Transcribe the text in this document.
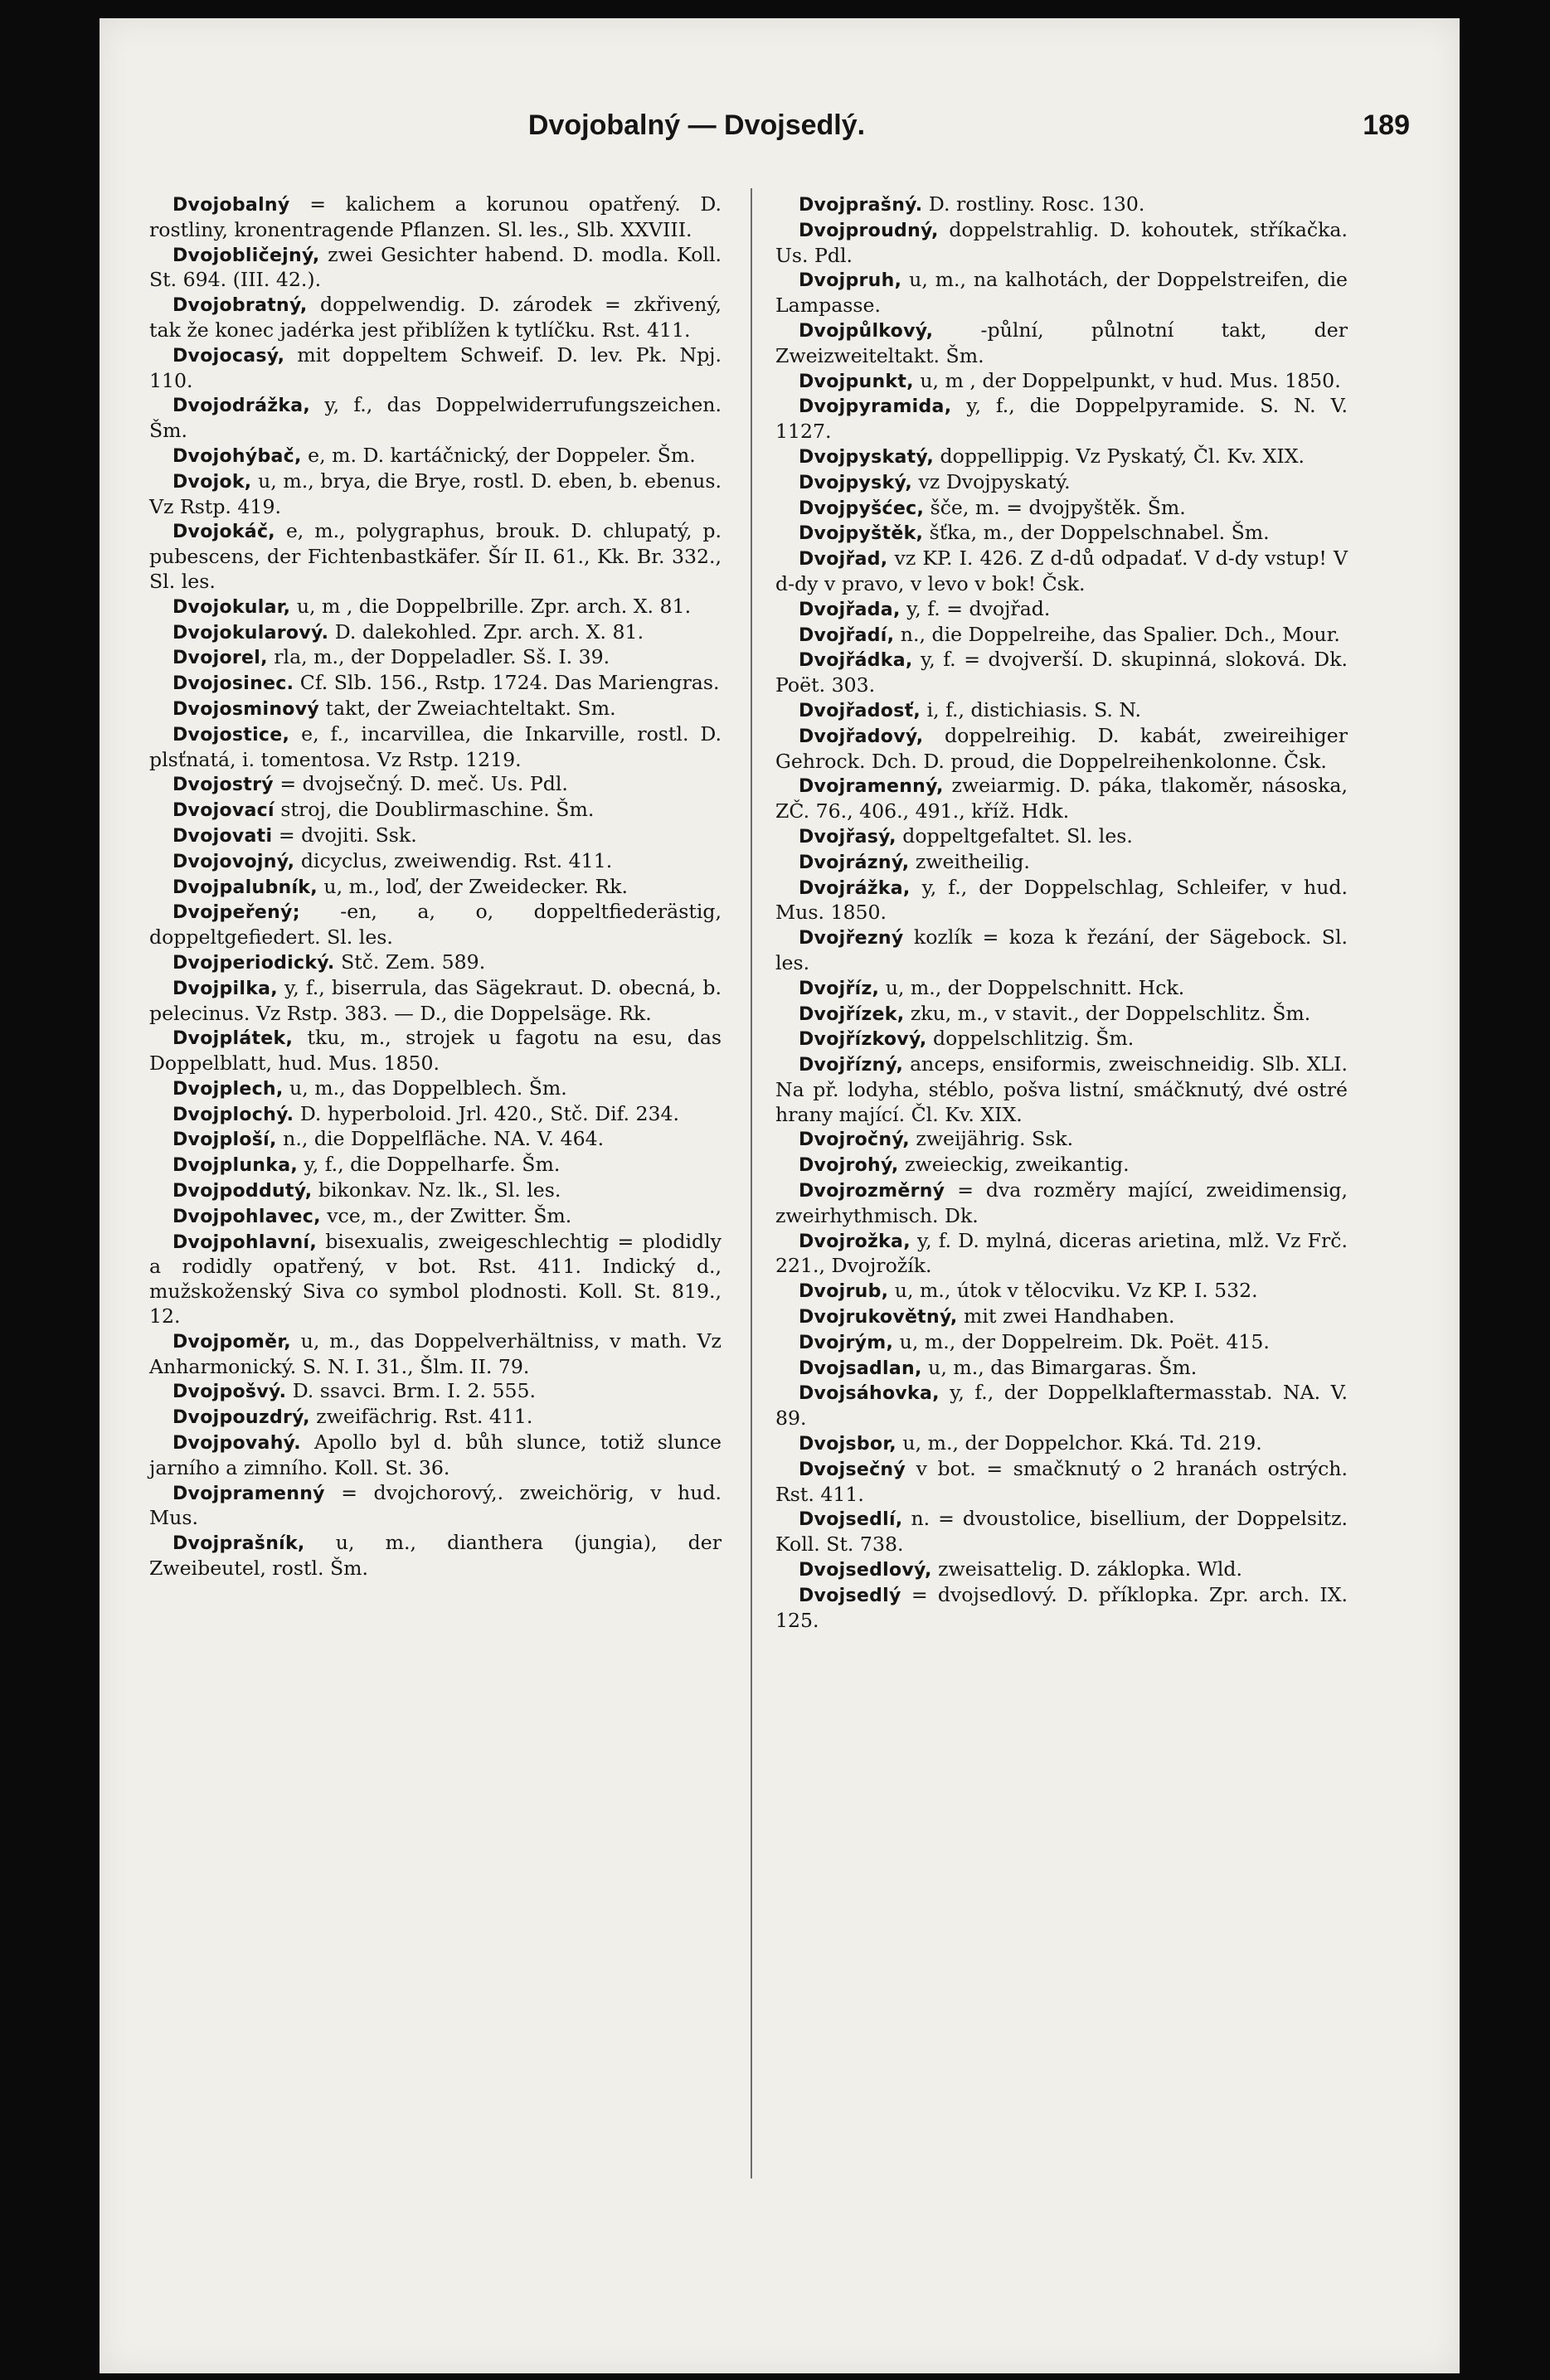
Dvojobalný — Dvojsedlý.	189

Dvojobalný = kalichem a korunou opatřený. D. rostliny, kronentragende Pflanzen. Sl. les., Slb. XXVIII.

Dvojobličejný, zwei Gesichter habend. D. modla. Koll. St. 694. (III. 42.).

Dvojobratný, doppelwendig. D. zárodek = zkřivený, tak že konec jadérka jest přiblížen k tytlíčku. Rst. 411.

Dvojocasý, mit doppeltem Schweif. D. lev. Pk. Npj. 110.

Dvojodrážka, y, f., das Doppelwiderrufungszeichen. Šm.

Dvojohýbač, e, m. D. kartáčnický, der Doppeler. Šm.

Dvojok, u, m., brya, die Brye, rostl. D. eben, b. ebenus. Vz Rstp. 419.

Dvojokáč, e, m., polygraphus, brouk. D. chlupatý, p. pubescens, der Fichtenbastkäfer. Šír II. 61., Kk. Br. 332., Sl. les.

Dvojokular, u, m , die Doppelbrille. Zpr. arch. X. 81.

Dvojokularový. D. dalekohled. Zpr. arch. X. 81.

Dvojorel, rla, m., der Doppeladler. Sš. I. 39.

Dvojosinec. Cf. Slb. 156., Rstp. 1724. Das Mariengras.

Dvojosminový takt, der Zweiachteltakt. Sm.

Dvojostice, e, f., incarvillea, die Inkarville, rostl. D. plsťnatá, i. tomentosa. Vz Rstp. 1219.

Dvojostrý = dvojsečný. D. meč. Us. Pdl.

Dvojovací stroj, die Doublirmaschine. Šm.

Dvojovati = dvojiti. Ssk.

Dvojovojný, dicyclus, zweiwendig. Rst. 411.

Dvojpalubník, u, m., loď, der Zweidecker. Rk.

Dvojpeřený; -en, a, o, doppeltfiederästig, doppeltgefiedert. Sl. les.

Dvojperiodický. Stč. Zem. 589.

Dvojpilka, y, f., biserrula, das Sägekraut. D. obecná, b. pelecinus. Vz Rstp. 383. — D., die Doppelsäge. Rk.

Dvojplátek, tku, m., strojek u fagotu na esu, das Doppelblatt, hud. Mus. 1850.

Dvojplech, u, m., das Doppelblech. Šm.

Dvojplochý. D. hyperboloid. Jrl. 420., Stč. Dif. 234.

Dvojploší, n., die Doppelfläche. NA. V. 464.

Dvojplunka, y, f., die Doppelharfe. Šm.

Dvojpoddutý, bikonkav. Nz. lk., Sl. les.

Dvojpohlavec, vce, m., der Zwitter. Šm.

Dvojpohlavní, bisexualis, zweigeschlechtig = plodidly a rodidly opatřený, v bot. Rst. 411. Indický d., mužskoženský Siva co symbol plodnosti. Koll. St. 819., 12.

Dvojpoměr, u, m., das Doppelverhältniss, v math. Vz Anharmonický. S. N. I. 31., Šlm. II. 79.

Dvojpošvý. D. ssavci. Brm. I. 2. 555.

Dvojpouzdrý, zweifächrig. Rst. 411.

Dvojpovahý. Apollo byl d. bůh slunce, totiž slunce jarního a zimního. Koll. St. 36.

Dvojpramenný = dvojchorový,. zweichörig, v hud. Mus.

Dvojprašník, u, m., dianthera (jungia), der Zweibeutel, rostl. Šm.

Dvojprašný. D. rostliny. Rosc. 130.

Dvojproudný, doppelstrahlig. D. kohoutek, stříkačka. Us. Pdl.

Dvojpruh, u, m., na kalhotách, der Doppelstreifen, die Lampasse.

Dvojpůlkový, -půlní, půlnotní takt, der Zweizweiteltakt. Šm.

Dvojpunkt, u, m , der Doppelpunkt, v hud. Mus. 1850.

Dvojpyramida, y, f., die Doppelpyramide. S. N. V. 1127.

Dvojpyskatý, doppellippig. Vz Pyskatý, Čl. Kv. XIX.

Dvojpyský, vz Dvojpyskatý.

Dvojpyšćec, šče, m. = dvojpyštěk. Šm.

Dvojpyštěk, šťka, m., der Doppelschnabel. Šm.

Dvojřad, vz KP. I. 426. Z d-dů odpadať. V d-dy vstup! V d-dy v pravo, v levo v bok! Čsk.

Dvojřada, y, f. = dvojřad.

Dvojřadí, n., die Doppelreihe, das Spalier. Dch., Mour.

Dvojřádka, y, f. = dvojverší. D. skupinná, sloková. Dk. Poët. 303.

Dvojřadosť, i, f., distichiasis. S. N.

Dvojřadový, doppelreihig. D. kabát, zweireihiger Gehrock. Dch. D. proud, die Doppelreihenkolonne. Čsk.

Dvojramenný, zweiarmig. D. páka, tlakoměr, násoska, ZČ. 76., 406., 491., kříž. Hdk.

Dvojřasý, doppeltgefaltet. Sl. les.

Dvojrázný, zweitheilig.

Dvojrážka, y, f., der Doppelschlag, Schleifer, v hud. Mus. 1850.

Dvojřezný kozlík = koza k řezání, der Sägebock. Sl. les.

Dvojříz, u, m., der Doppelschnitt. Hck.

Dvojřízek, zku, m., v stavit., der Doppelschlitz. Šm.

Dvojřízkový, doppelschlitzig. Šm.

Dvojřízný, anceps, ensiformis, zweischneidig. Slb. XLI. Na př. lodyha, stéblo, pošva listní, smáčknutý, dvé ostré hrany mající. Čl. Kv. XIX.

Dvojročný, zweijährig. Ssk.

Dvojrohý, zweieckig, zweikantig.

Dvojrozměrný = dva rozměry mající, zweidimensig, zweirhythmisch. Dk.

Dvojrožka, y, f. D. mylná, diceras arietina, mlž. Vz Frč. 221., Dvojrožík.

Dvojrub, u, m., útok v tělocviku. Vz KP. I. 532.

Dvojrukovětný, mit zwei Handhaben.

Dvojrým, u, m., der Doppelreim. Dk. Poët. 415.

Dvojsadlan, u, m., das Bimargaras. Šm.

Dvojsáhovka, y, f., der Doppelklaftermasstab. NA. V. 89.

Dvojsbor, u, m., der Doppelchor. Kká. Td. 219.

Dvojsečný v bot. = smačknutý o 2 hranách ostrých. Rst. 411.

Dvojsedlí, n. = dvoustolice, bisellium, der Doppelsitz. Koll. St. 738.

Dvojsedlový, zweisattelig. D. záklopka. Wld.

Dvojsedlý = dvojsedlový. D. příklopka. Zpr. arch. IX. 125.
